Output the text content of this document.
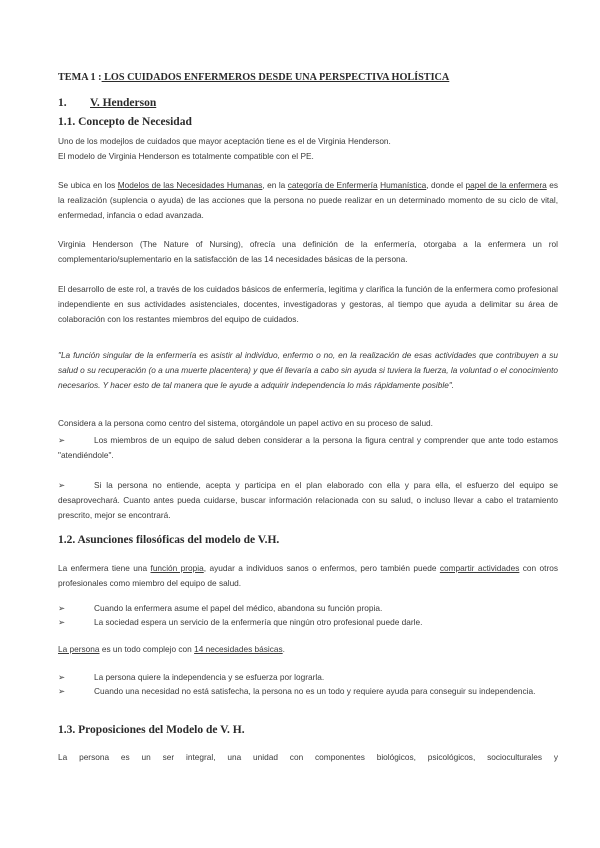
TEMA 1 : LOS CUIDADOS ENFERMEROS DESDE UNA PERSPECTIVA HOLÍSTICA
1. V. Henderson
1.1. Concepto de Necesidad

Uno de los modejlos de cuidados que mayor aceptación tiene es el de Virginia Henderson.

El modelo de Virginia Henderson es totalmente compatible con el PE.

Se ubica en los Modelos de las Necesidades Humanas, en la categoría de Enfermería Humanística, donde el papel de la enfermera es la realización (suplencia o ayuda) de las acciones que la persona no puede realizar en un determinado momento de su ciclo de vital, enfermedad, infancia o edad avanzada.

Virginia Henderson (The Nature of Nursing), ofrecía una definición de la enfermería, otorgaba a la enfermera un rol complementario/suplementario en la satisfacción de las 14 necesidades básicas de la persona.

El desarrollo de este rol, a través de los cuidados básicos de enfermería, legitima y clarifica la función de la enfermera como profesional independiente en sus actividades asistenciales, docentes, investigadoras y gestoras, al tiempo que ayuda a delimitar su área de colaboración con los restantes miembros del equipo de cuidados.

"La función singular de la enfermería es asistir al individuo, enfermo o no, en la realización de esas actividades que contribuyen a su salud o su recuperación (o a una muerte placentera) y que él llevaría a cabo sin ayuda si tuviera la fuerza, la voluntad o el conocimiento necesarios. Y hacer esto de tal manera que le ayude a adquirir independencia lo más rápidamente posible".

Considera a la persona como centro del sistema, otorgándole un papel activo en su proceso de salud.

➢	Los miembros de un equipo de salud deben considerar a la persona la figura central y comprender que ante todo estamos "atendiéndole".
➢	Si la persona no entiende, acepta y participa en el plan elaborado con ella y para ella, el esfuerzo del equipo se desaprovechará. Cuanto antes pueda cuidarse, buscar información relacionada con su salud, o incluso llevar a cabo el tratamiento prescrito, mejor se encontrará.
1.2. Asunciones filosóficas del modelo de V.H.

La enfermera tiene una función propia, ayudar a individuos sanos o enfermos, pero también puede compartir actividades con otros profesionales como miembro del equipo de salud.

➢	Cuando la enfermera asume el papel del médico, abandona su función propia.
➢	La sociedad espera un servicio de la enfermería que ningún otro profesional puede darle.

La persona es un todo complejo con 14 necesidades básicas.

➢	La persona quiere la independencia y se esfuerza por lograrla.
➢	Cuando una necesidad no está satisfecha, la persona no es un todo y requiere ayuda para conseguir su independencia.
1.3. Proposiciones del Modelo de V. H.

La persona es un ser integral, una unidad con componentes biológicos, psicológicos, socioculturales y
